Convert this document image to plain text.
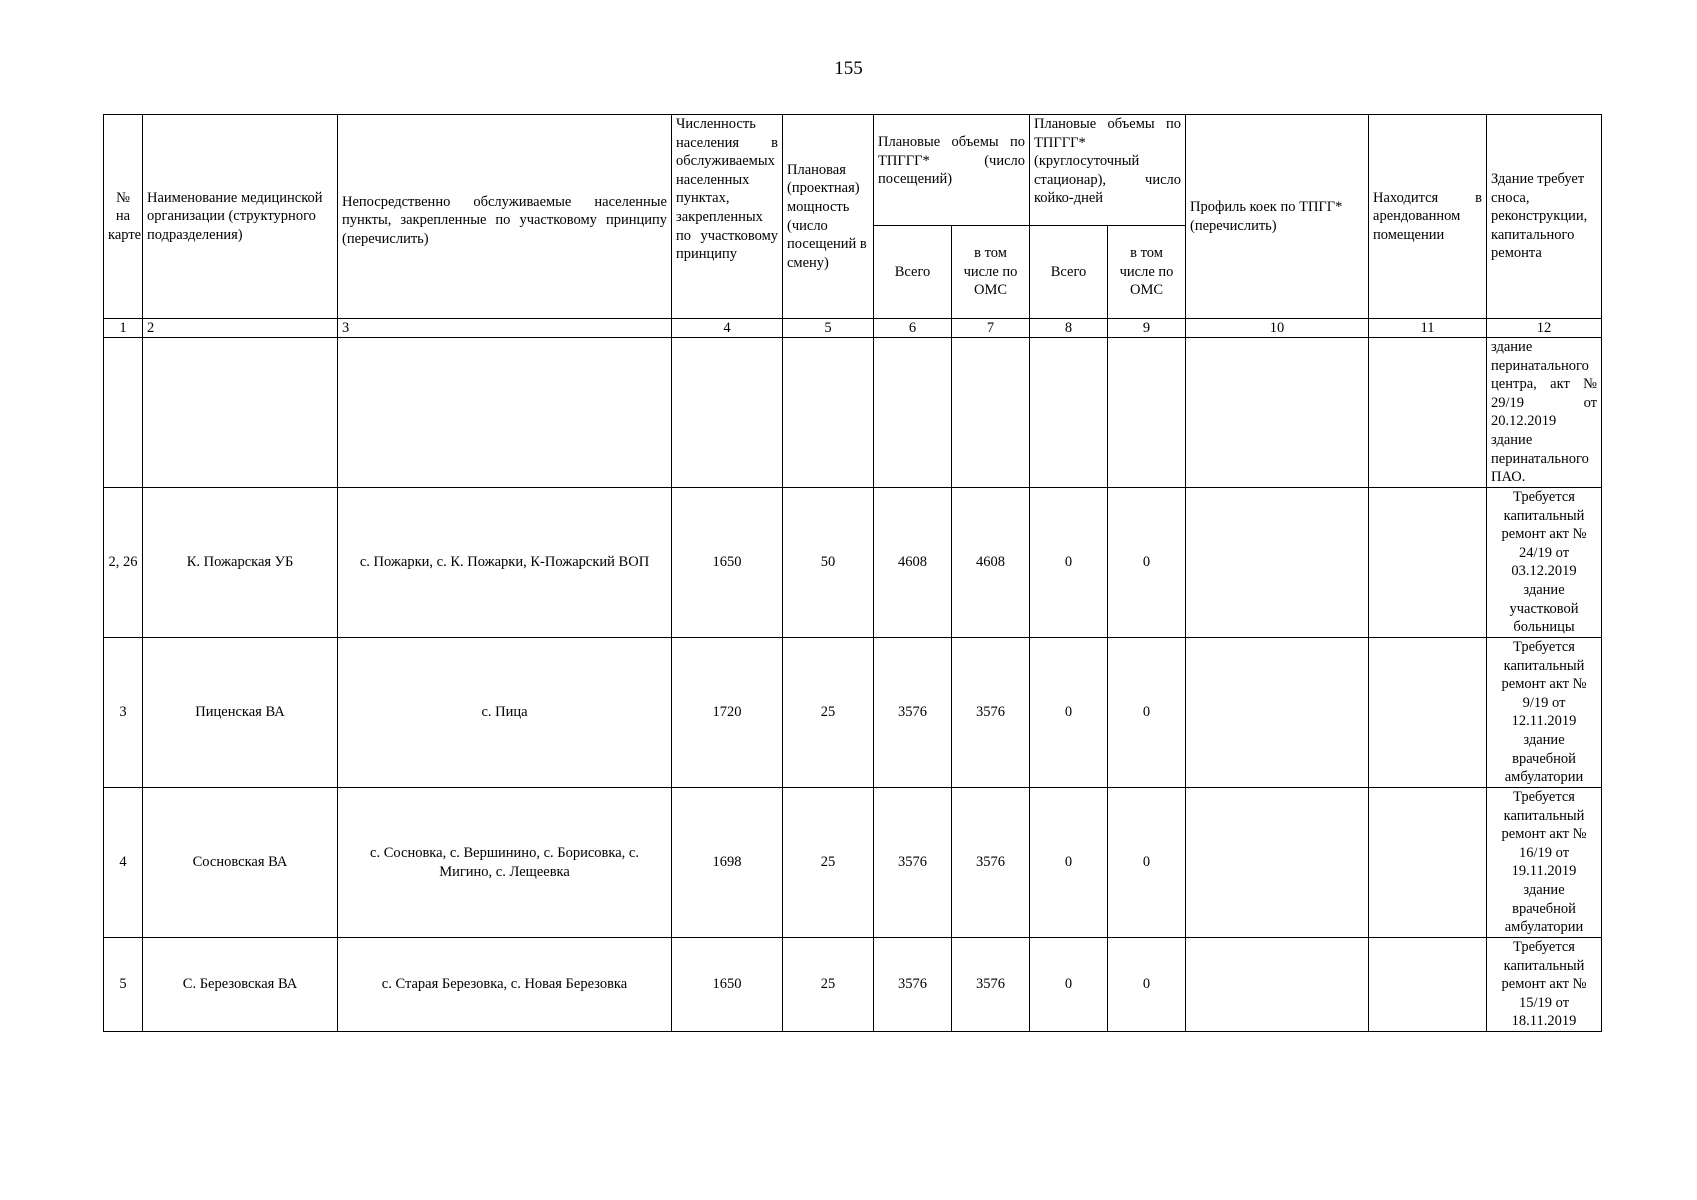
155
№ на карте	Наименование медицинской организации (структурного подразделения)	Непосредственно обслуживаемые населенные пункты, закрепленные по участковому принципу (перечислить)	Численность населения в обслуживаемых населенных пунктах, закрепленных по участковому принципу	Плановая (проектная) мощность (число посещений в смену)	Плановые объемы по ТПГГГ* (число посещений)		Плановые объемы по ТПГГГ* (круглосуточный стационар), число койко-дней		Профиль коек по ТПГГ* (перечислить)	Находится в арендованном помещении	Здание требует сноса, реконструкции, капитального ремонта
					Всего	в том числе по ОМС	Всего	в том числе по ОМС			
1	2	3	4	5	6	7	8	9	10	11	12
											здание перинатального центра, акт № 29/19 от 20.12.2019 здание перинатального ПАО.
2, 26	К. Пожарская УБ	с. Пожарки, с. К. Пожарки, К-Пожарский ВОП	1650	50	4608	4608	0	0			Требуется капитальный ремонт акт № 24/19 от 03.12.2019 здание участковой больницы
3	Пиценская ВА	с. Пица	1720	25	3576	3576	0	0			Требуется капитальный ремонт акт № 9/19 от 12.11.2019 здание врачебной амбулатории
4	Сосновская ВА	с. Сосновка, с. Вершинино, с. Борисовка, с. Мигино, с. Лещеевка	1698	25	3576	3576	0	0			Требуется капитальный ремонт акт № 16/19 от 19.11.2019 здание врачебной амбулатории
5	С. Березовская ВА	с. Старая Березовка, с. Новая Березовка	1650	25	3576	3576	0	0			Требуется капитальный ремонт акт № 15/19 от 18.11.2019
